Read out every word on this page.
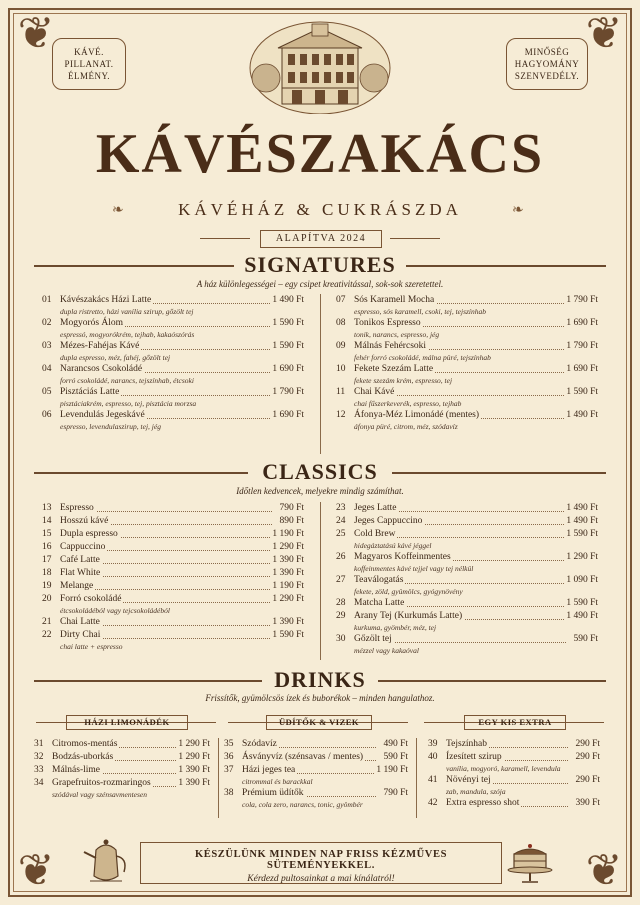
❦	❦
❦	❦
KÁVÉ.
PILLANAT.
ÉLMÉNY.
MINŐSÉG
HAGYOMÁNY
SZENVEDÉLY.
KÁVÉSZAKÁCS
❧	KÁVÉHÁZ & CUKRÁSZDA	❧
ALAPÍTVA 2024
SIGNATURES
A ház különlegességei – egy csipet kreativitással, sok-sok szeretettel.
01 Kávészakács Házi Latte	1 490 Ft
dupla ristretto, házi vanília szirup, gőzölt tej
02 Mogyorós Álom	1 590 Ft
espressó, mogyorókrém, tejhab, kakaószórás
03 Mézes-Fahéjas Kávé	1 590 Ft
dupla espresso, méz, fahéj, gőzölt tej
04 Narancsos Csokoládé	1 690 Ft
forró csokoládé, narancs, tejszínhab, étcsoki
05 Pisztáciás Latte	1 790 Ft
pisztáciakrém, espresso, tej, pisztácia morzsa
06 Levendulás Jegeskávé	1 690 Ft
espresso, levendulaszirup, tej, jég
07 Sós Karamell Mocha	1 790 Ft
espresso, sós karamell, csoki, tej, tejszínhab
08 Tonikos Espresso	1 690 Ft
tonik, narancs, espresso, jég
09 Málnás Fehércsoki	1 790 Ft
fehér forró csokoládé, málna püré, tejszínhab
10 Fekete Szezám Latte	1 690 Ft
fekete szezám krém, espresso, tej
11 Chai Kávé	1 590 Ft
chai fűszerkeverék, espresso, tejhab
12 Áfonya-Méz Limonádé (mentes)	1 490 Ft
áfonya püré, citrom, méz, szódavíz
CLASSICS
Időtlen kedvencek, melyekre mindig számíthat.
13 Espresso	790 Ft
14 Hosszú kávé	890 Ft
15 Dupla espresso	1 190 Ft
16 Cappuccino	1 290 Ft
17 Café Latte	1 390 Ft
18 Flat White	1 390 Ft
19 Melange	1 190 Ft
20 Forró csokoládé	1 290 Ft
étcsokoládéból vagy tejcsokoládéból
21 Chai Latte	1 390 Ft
22 Dirty Chai	1 590 Ft
chai latte + espresso
23 Jeges Latte	1 490 Ft
24 Jeges Cappuccino	1 490 Ft
25 Cold Brew	1 590 Ft
hidegáztatású kávé jéggel
26 Magyaros Koffeinmentes	1 290 Ft
koffeinmentes kávé tejjel vagy tej nélkül
27 Teaválogatás	1 090 Ft
fekete, zöld, gyümölcs, gyógynövény
28 Matcha Latte	1 590 Ft
29 Arany Tej (Kurkumás Latte)	1 490 Ft
kurkuma, gyömbér, méz, tej
30 Gőzölt tej	590 Ft
mézzel vagy kakaóval
DRINKS
Frissítők, gyümölcsös ízek és buborékok – minden hangulathoz.
HÁZI LIMONÁDÉK	ÜDÍTŐK & VIZEK	EGY KIS EXTRA
31 Citromos-mentás	1 290 Ft
32 Bodzás-uborkás	1 290 Ft
33 Málnás-lime	1 390 Ft
34 Grapefruitos-rozmaringos	1 390 Ft
szódával vagy szénsavmentesen
35 Szódavíz	490 Ft
36 Ásványvíz (szénsavas / mentes) 590 Ft
37 Házi jeges tea	1 190 Ft
citrommal és barackkal
38 Prémium üdítők	790 Ft
cola, cola zero, narancs, tonic, gyömbér
39 Tejszínhab	290 Ft
40 Ízesített szirup	290 Ft
vanília, mogyoró, karamell, levendula
41 Növényi tej	290 Ft
zab, mandula, szója
42 Extra espresso shot	390 Ft
KÉSZÜLÜNK MINDEN NAP FRISS KÉZMŰVES SÜTEMÉNYEKKEL.
Kérdezd pultosainkat a mai kínálatról!
